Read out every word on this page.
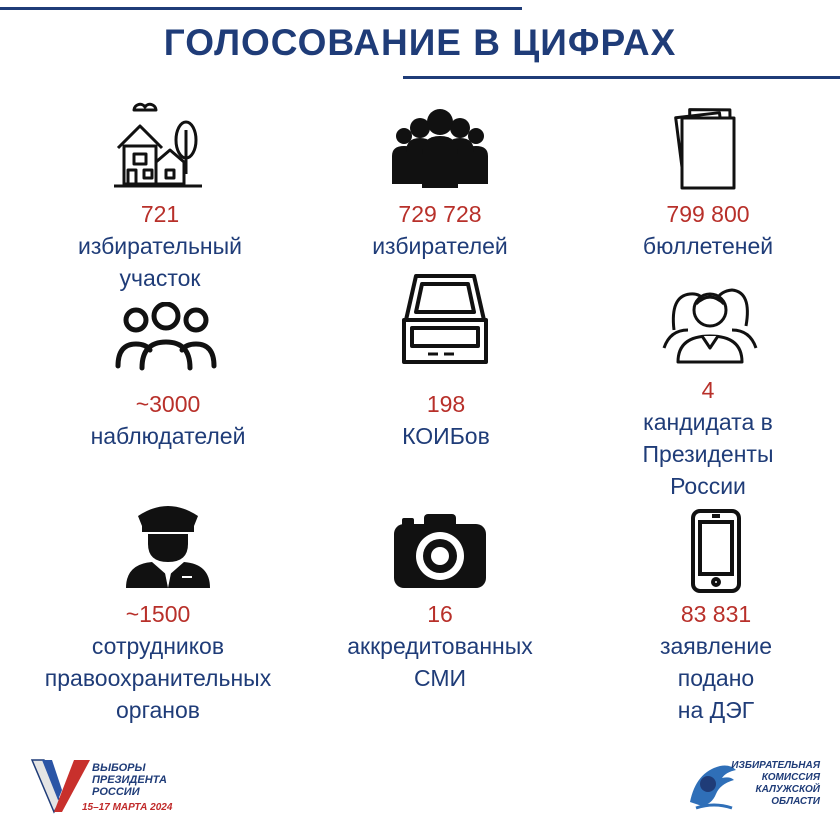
ГОЛОСОВАНИЕ В ЦИФРАХ
721
избирательный
участок
729 728
избирателей
799 800
бюллетеней
~3000
наблюдателей
198
КОИБов
4
кандидата в
Президенты
России
~1500
сотрудников
правоохранительных
органов
16
аккредитованных
СМИ
83 831
заявление
подано
на ДЭГ
ВЫБОРЫ
ПРЕЗИДЕНТА
РОССИИ
15–17 МАРТА 2024
ИЗБИРАТЕЛЬНАЯ
КОМИССИЯ
КАЛУЖСКОЙ
ОБЛАСТИ
